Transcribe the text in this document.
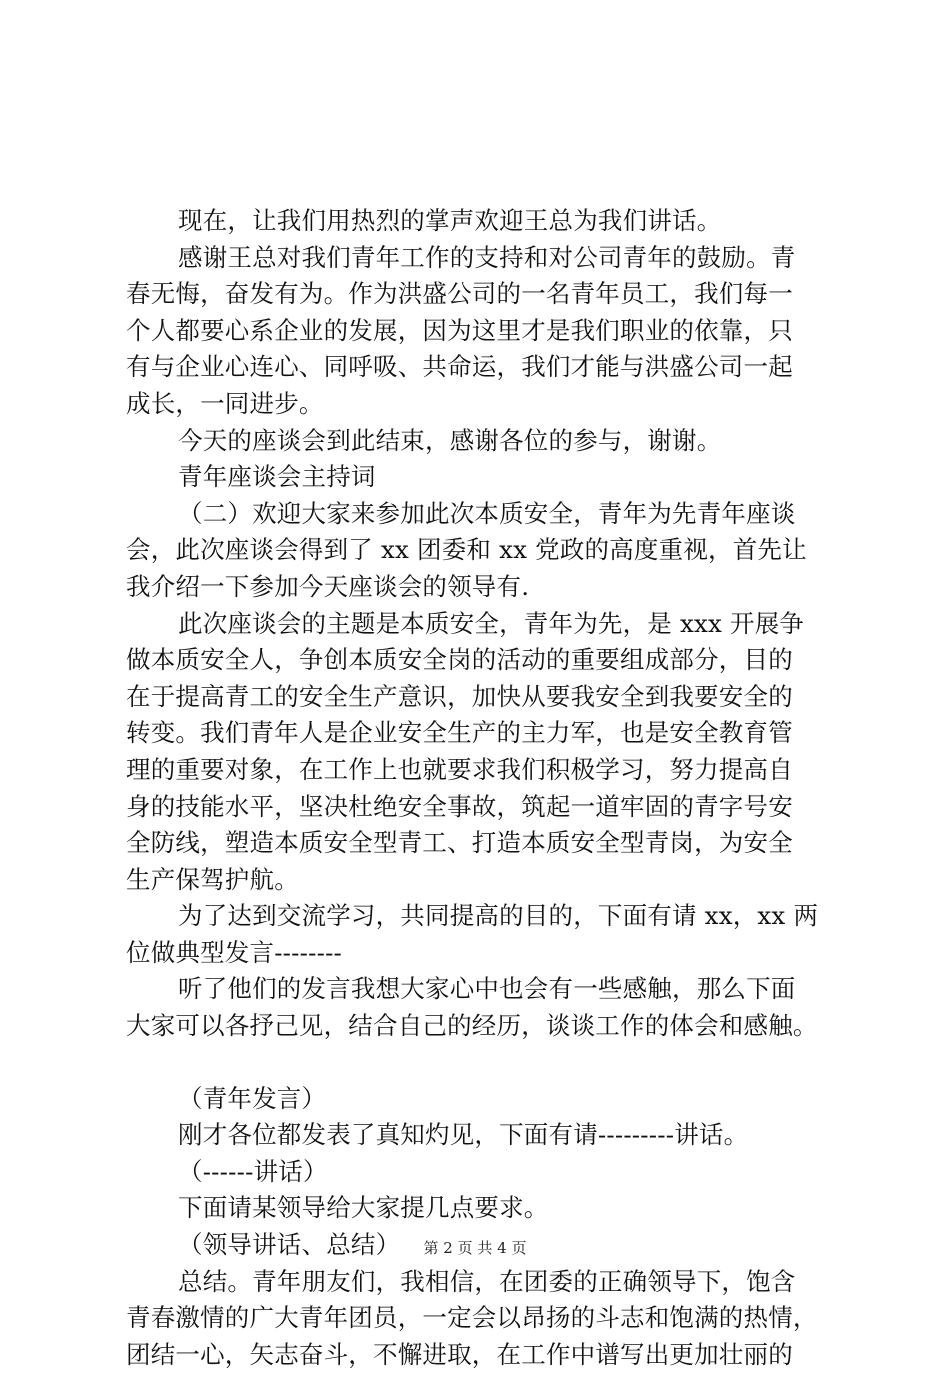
现在，让我们用热烈的掌声欢迎王总为我们讲话。
感谢王总对我们青年工作的支持和对公司青年的鼓励。青
春无悔，奋发有为。作为洪盛公司的一名青年员工，我们每一
个人都要心系企业的发展，因为这里才是我们职业的依靠，只
有与企业心连心、同呼吸、共命运，我们才能与洪盛公司一起
成长，一同进步。
今天的座谈会到此结束，感谢各位的参与，谢谢。
青年座谈会主持词
（二）欢迎大家来参加此次本质安全，青年为先青年座谈
会，此次座谈会得到了 xx 团委和 xx 党政的高度重视，首先让
我介绍一下参加今天座谈会的领导有.
此次座谈会的主题是本质安全，青年为先，是 xxx 开展争
做本质安全人，争创本质安全岗的活动的重要组成部分，目的
在于提高青工的安全生产意识，加快从要我安全到我要安全的
转变。我们青年人是企业安全生产的主力军，也是安全教育管
理的重要对象，在工作上也就要求我们积极学习，努力提高自
身的技能水平，坚决杜绝安全事故，筑起一道牢固的青字号安
全防线，塑造本质安全型青工、打造本质安全型青岗，为安全
生产保驾护航。
为了达到交流学习，共同提高的目的，下面有请 xx，xx 两
位做典型发言--------
听了他们的发言我想大家心中也会有一些感触，那么下面
大家可以各抒己见，结合自己的经历，谈谈工作的体会和感触。
（青年发言）
刚才各位都发表了真知灼见，下面有请---------讲话。
（------讲话）
下面请某领导给大家提几点要求。
（领导讲话、总结）
总结。青年朋友们，我相信，在团委的正确领导下，饱含
青春激情的广大青年团员，一定会以昂扬的斗志和饱满的热情，
团结一心，矢志奋斗，不懈进取，在工作中谱写出更加壮丽的
第 2 页 共 4 页
